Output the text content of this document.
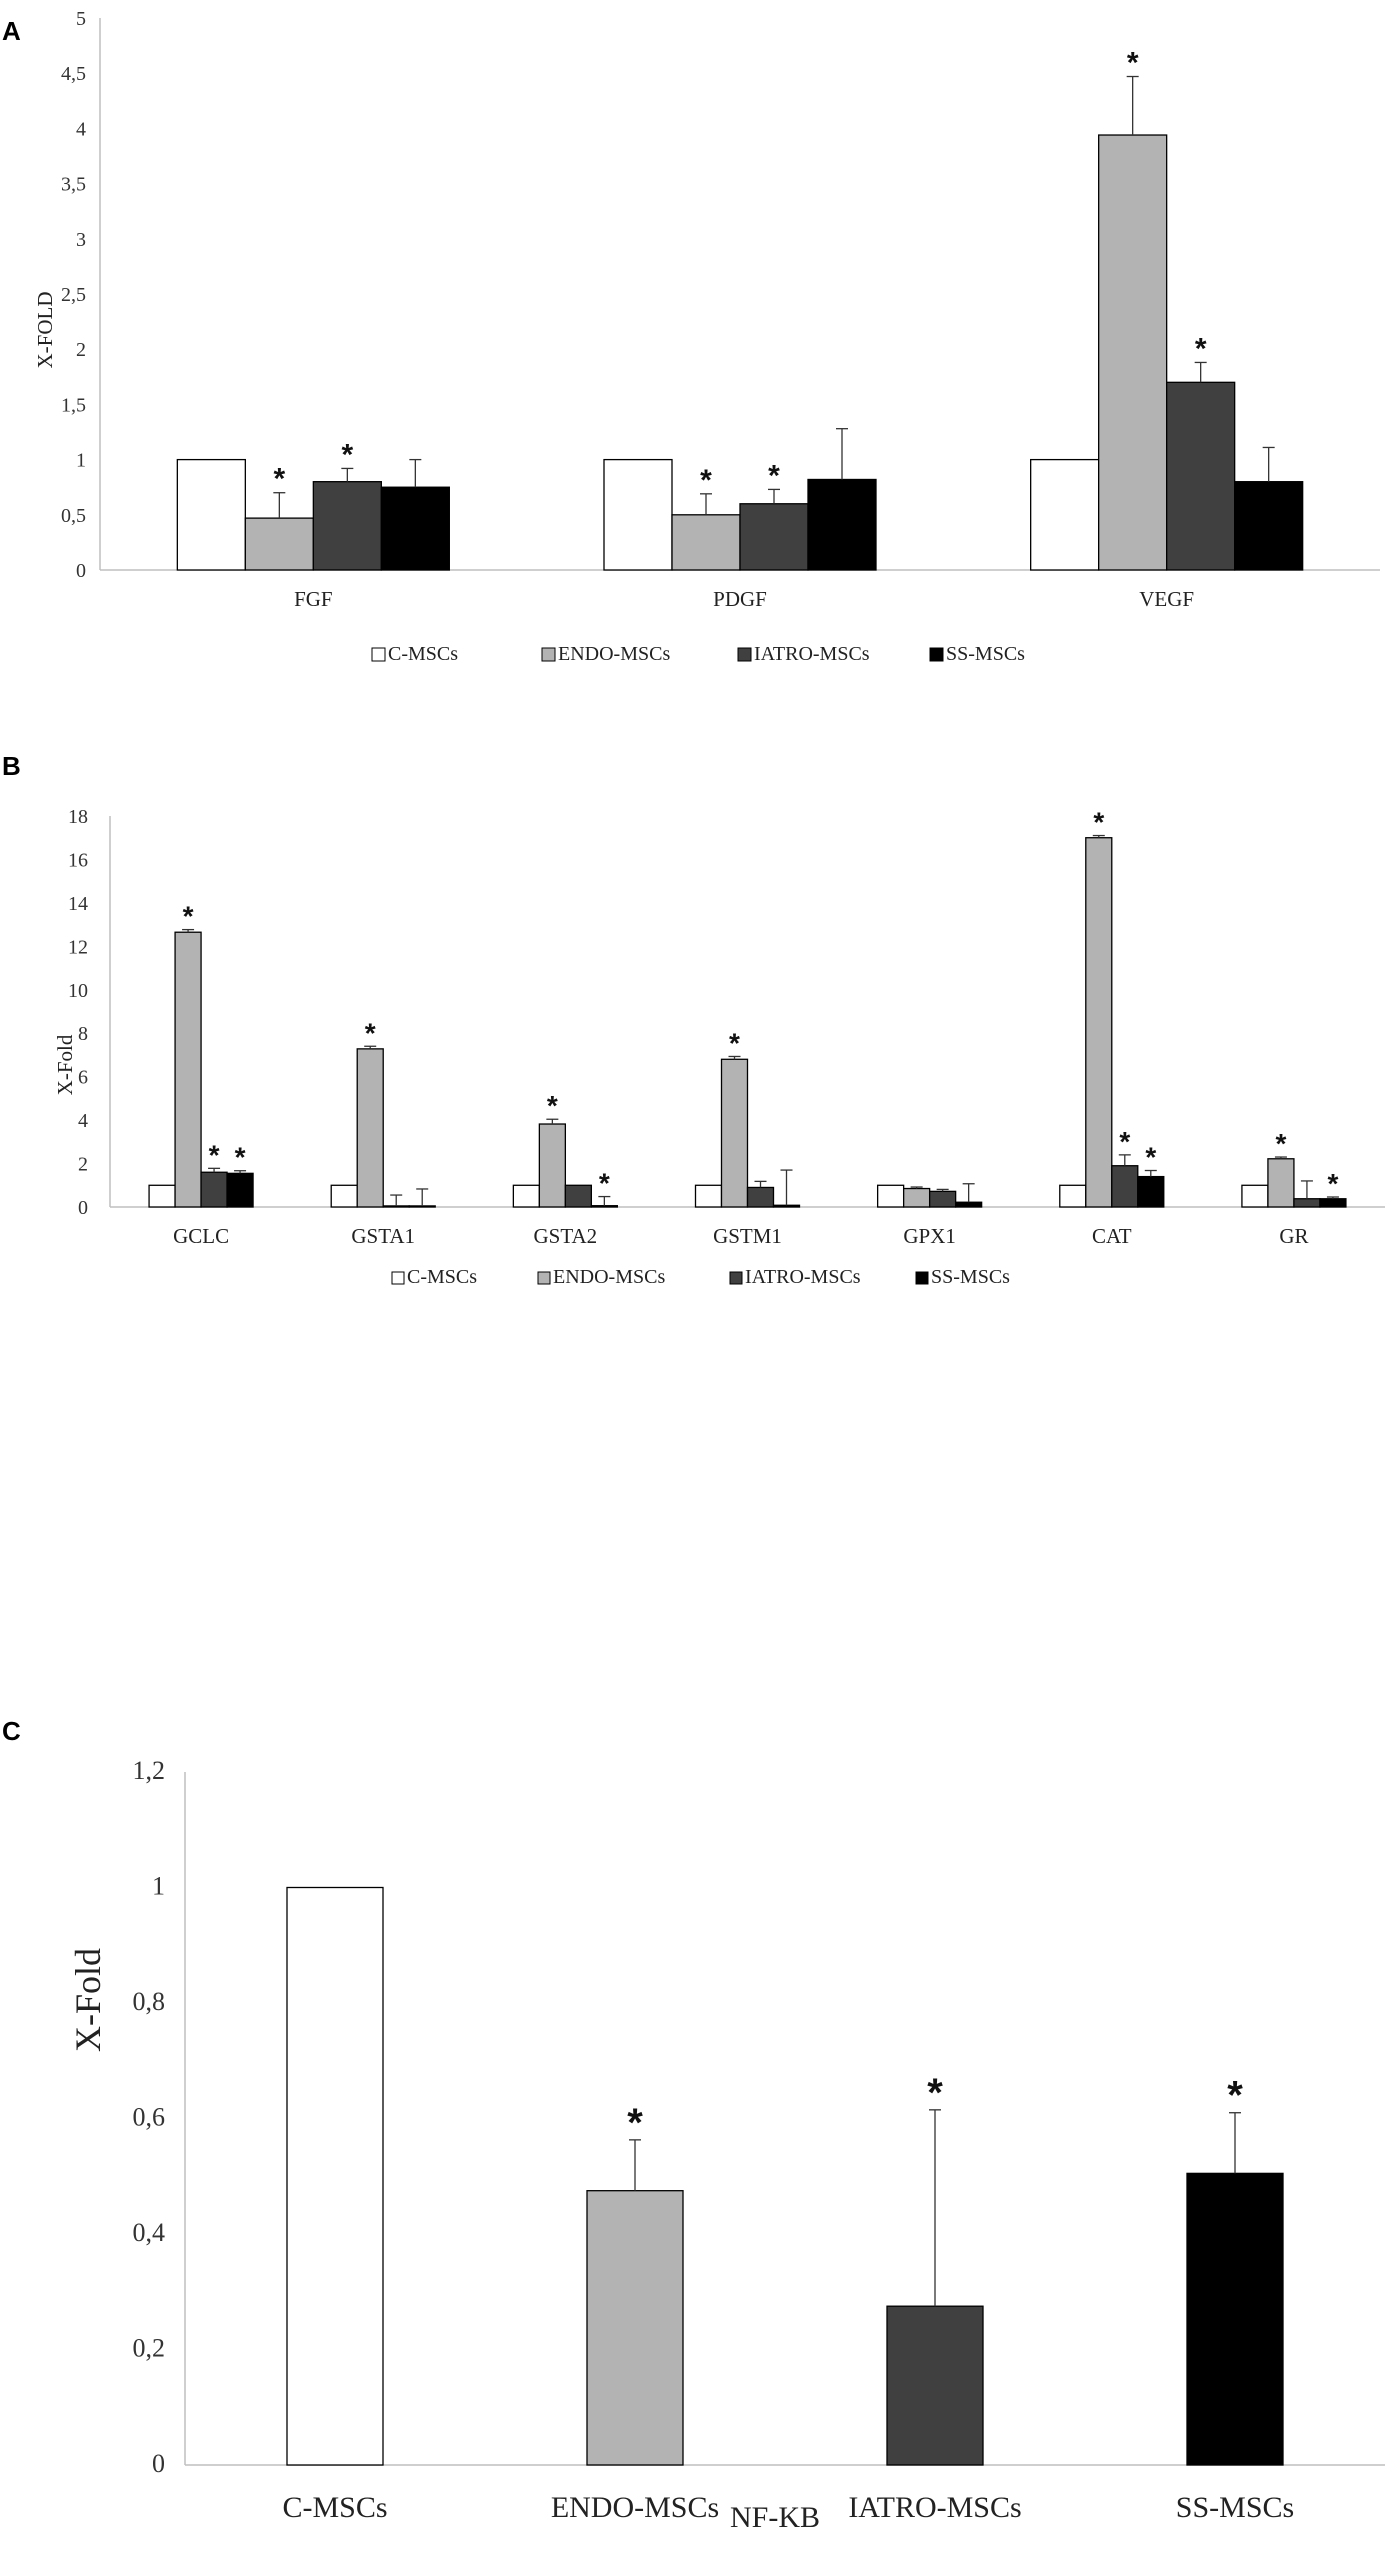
A
0
0,5
1
1,5
2
2,5
3
3,5
4
4,5
5
FGF
*
*
PDGF
* *
VEGF
*
*
C-MSCs	ENDO-MSCs	IATRO-MSCs	SS-MSCs
X-FOLD
B
0
2
4
6
8
10
12
14
16
18
GCLC
*
* *
GSTA1
*
GSTA2
*
*
GSTM1
*
GPX1	CAT
*
*
*
GR
*
*
C-MSCs	ENDO-MSCs	IATRO-MSCs	SS-MSCs
X-Fold
C
0
0,2
0,4
0,6
0,8
1
1,2
C-MSCs	ENDO-MSCs
*
IATRO-MSCs
*
SS-MSCs
*
X-Fold
NF-KB
